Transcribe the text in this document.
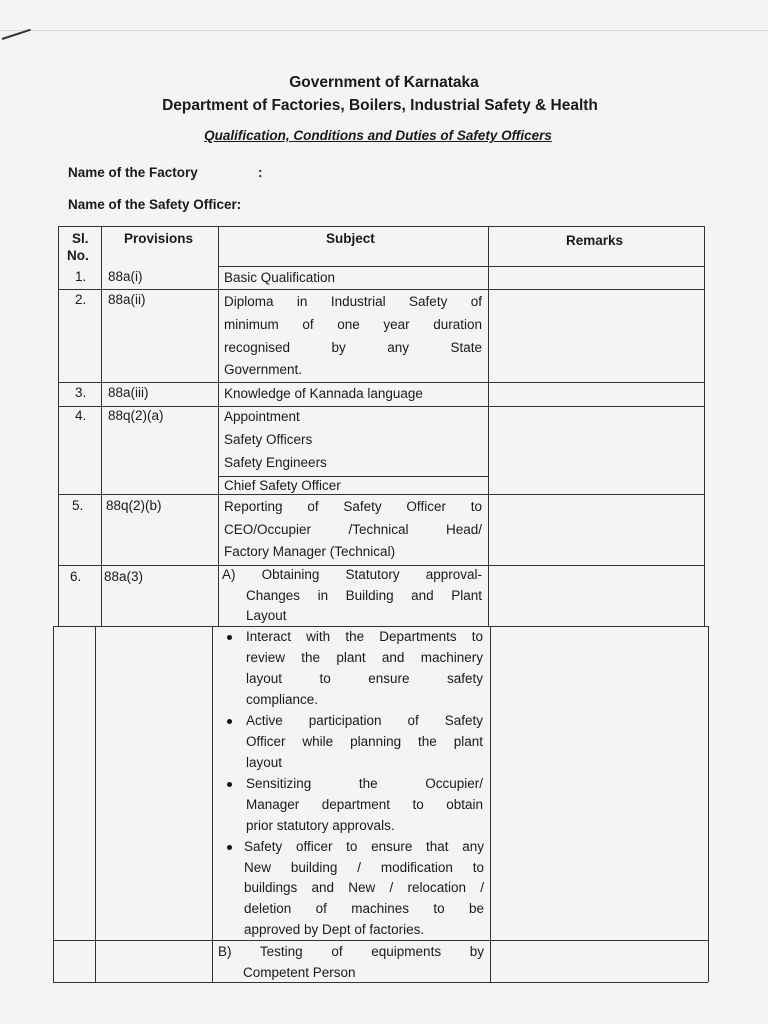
Government of Karnataka
Department of Factories, Boilers, Industrial Safety & Health
Qualification, Conditions and Duties of Safety Officers
Name of the Factory	:
Name of the Safety Officer:
Sl.
No.
Provisions	Subject	Remarks
1. 88a(i)	Basic Qualification
2. 88a(ii)	Diploma in Industrial Safety of
minimum of one year duration
recognised by any State
Government.
3. 88a(iii)	Knowledge of Kannada language
4. 88q(2)(a)	Appointment
Safety Officers
Safety Engineers
Chief Safety Officer
5. 88q(2)(b)	Reporting of Safety Officer to
CEO/Occupier /Technical Head/
Factory Manager (Technical)
6. 88a(3)	A) Obtaining Statutory approval-
Changes in Building and Plant
Layout
Interact with the Departments to
review the plant and machinery
layout to ensure safety
compliance.
Active participation of Safety
Officer while planning the plant
layout
Sensitizing the Occupier/
Manager department to obtain
prior statutory approvals.
Safety officer to ensure that any
New building / modification to
buildings and New / relocation /
deletion of machines to be
approved by Dept of factories.
B) Testing of equipments by
Competent Person
